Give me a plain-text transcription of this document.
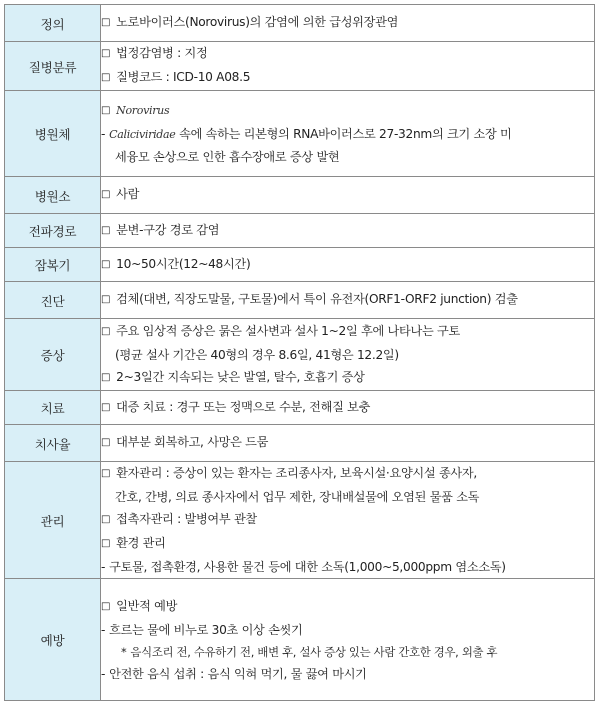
정의	□ 노로바이러스(Norovirus)의 감염에 의한 급성위장관염

질병분류	□ 법정감염병 : 지정
□ 질병코드 : ICD-10 A08.5

병원체	□ Norovirus
- Caliciviridae 속에 속하는 리본형의 RNA바이러스로 27-32nm의 크기 소장 미
세융모 손상으로 인한 흡수장애로 증상 발현

병원소	□ 사람

전파경로	□ 분변-구강 경로 감염

잠복기	□ 10~50시간(12~48시간)

진단	□ 검체(대변, 직장도말물, 구토물)에서 특이 유전자(ORF1-ORF2 junction) 검출

증상	□ 주요 임상적 증상은 묽은 설사변과 설사 1~2일 후에 나타나는 구토
(평균 설사 기간은 40형의 경우 8.6일, 41형은 12.2일)
□ 2~3일간 지속되는 낮은 발열, 탈수, 호흡기 증상

치료	□ 대증 치료 : 경구 또는 정맥으로 수분, 전해질 보충

치사율	□ 대부분 회복하고, 사망은 드뭄

관리	□ 환자관리 : 증상이 있는 환자는 조리종사자, 보육시설·요양시설 종사자,
간호, 간병, 의료 종사자에서 업무 제한, 장내배설물에 오염된 물품 소독
□ 접촉자관리 : 발병여부 관찰
□ 환경 관리
- 구토물, 접촉환경, 사용한 물건 등에 대한 소독(1,000~5,000ppm 염소소독)

예방	□ 일반적 예방
- 흐르는 물에 비누로 30초 이상 손씻기
* 음식조리 전, 수유하기 전, 배변 후, 설사 증상 있는 사람 간호한 경우, 외출 후
- 안전한 음식 섭취 : 음식 익혀 먹기, 물 끓여 마시기
